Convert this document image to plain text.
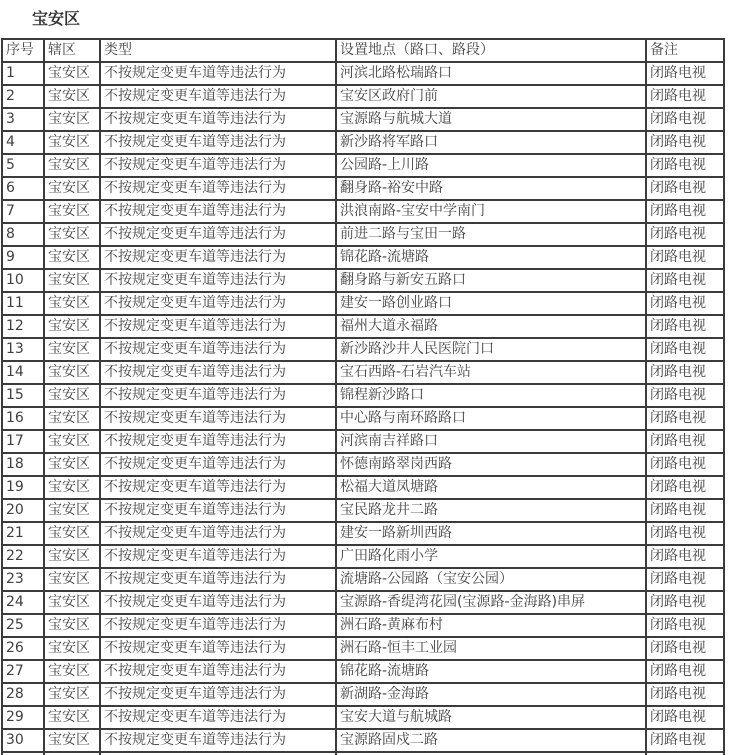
宝安区
序号	辖区	类型	设置地点（路口、路段）	备注
1	宝安区	不按规定变更车道等违法行为	河滨北路松瑞路口	闭路电视
2	宝安区	不按规定变更车道等违法行为	宝安区政府门前	闭路电视
3	宝安区	不按规定变更车道等违法行为	宝源路与航城大道	闭路电视
4	宝安区	不按规定变更车道等违法行为	新沙路将军路口	闭路电视
5	宝安区	不按规定变更车道等违法行为	公园路-上川路	闭路电视
6	宝安区	不按规定变更车道等违法行为	翻身路-裕安中路	闭路电视
7	宝安区	不按规定变更车道等违法行为	洪浪南路-宝安中学南门	闭路电视
8	宝安区	不按规定变更车道等违法行为	前进二路与宝田一路	闭路电视
9	宝安区	不按规定变更车道等违法行为	锦花路-流塘路	闭路电视
10	宝安区	不按规定变更车道等违法行为	翻身路与新安五路口	闭路电视
11	宝安区	不按规定变更车道等违法行为	建安一路创业路口	闭路电视
12	宝安区	不按规定变更车道等违法行为	福州大道永福路	闭路电视
13	宝安区	不按规定变更车道等违法行为	新沙路沙井人民医院门口	闭路电视
14	宝安区	不按规定变更车道等违法行为	宝石西路-石岩汽车站	闭路电视
15	宝安区	不按规定变更车道等违法行为	锦程新沙路口	闭路电视
16	宝安区	不按规定变更车道等违法行为	中心路与南环路路口	闭路电视
17	宝安区	不按规定变更车道等违法行为	河滨南吉祥路口	闭路电视
18	宝安区	不按规定变更车道等违法行为	怀德南路翠岗西路	闭路电视
19	宝安区	不按规定变更车道等违法行为	松福大道凤塘路	闭路电视
20	宝安区	不按规定变更车道等违法行为	宝民路龙井二路	闭路电视
21	宝安区	不按规定变更车道等违法行为	建安一路新圳西路	闭路电视
22	宝安区	不按规定变更车道等违法行为	广田路化雨小学	闭路电视
23	宝安区	不按规定变更车道等违法行为	流塘路-公园路（宝安公园）	闭路电视
24	宝安区	不按规定变更车道等违法行为	宝源路-香缇湾花园(宝源路-金海路)串屏	闭路电视
25	宝安区	不按规定变更车道等违法行为	洲石路-黄麻布村	闭路电视
26	宝安区	不按规定变更车道等违法行为	洲石路-恒丰工业园	闭路电视
27	宝安区	不按规定变更车道等违法行为	锦花路-流塘路	闭路电视
28	宝安区	不按规定变更车道等违法行为	新湖路-金海路	闭路电视
29	宝安区	不按规定变更车道等违法行为	宝安大道与航城路	闭路电视
30	宝安区	不按规定变更车道等违法行为	宝源路固戍二路	闭路电视
